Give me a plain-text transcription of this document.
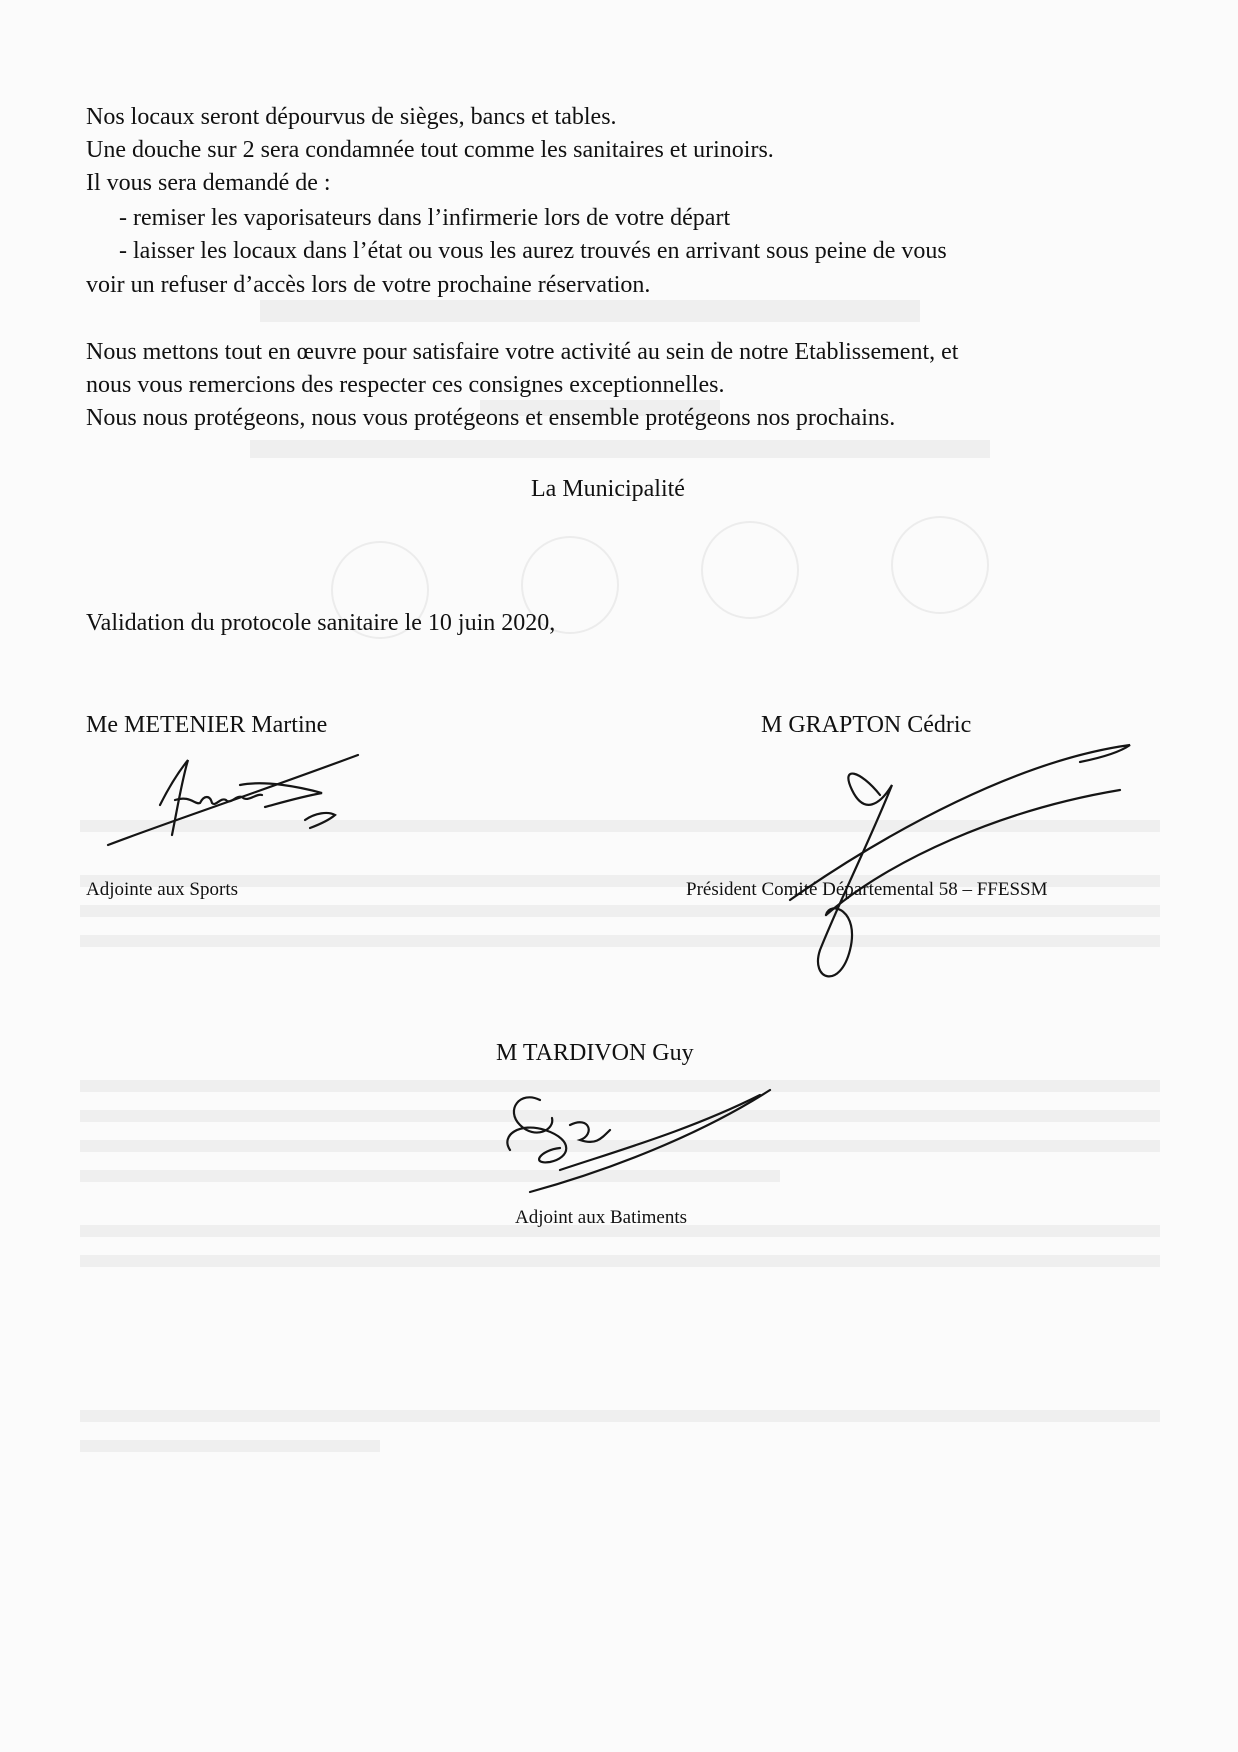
Nos locaux seront dépourvus de sièges, bancs et tables.
Une douche sur 2 sera condamnée tout comme les sanitaires et urinoirs.
Il vous sera demandé de :
- remiser les vaporisateurs dans l’infirmerie lors de votre départ
- laisser les locaux dans l’état ou vous les aurez trouvés en arrivant sous peine de vous
voir un refuser d’accès lors de votre prochaine réservation.
Nous mettons tout en œuvre pour satisfaire votre activité au sein de notre Etablissement, et
nous vous remercions des respecter ces consignes exceptionnelles.
Nous nous protégeons, nous vous protégeons et ensemble protégeons nos prochains.
La Municipalité
Validation du protocole sanitaire le 10 juin 2020,
Me METENIER Martine	M GRAPTON Cédric
Adjointe aux Sports	Président Comité Départemental 58 – FFESSM
M TARDIVON Guy
Adjoint aux Batiments
